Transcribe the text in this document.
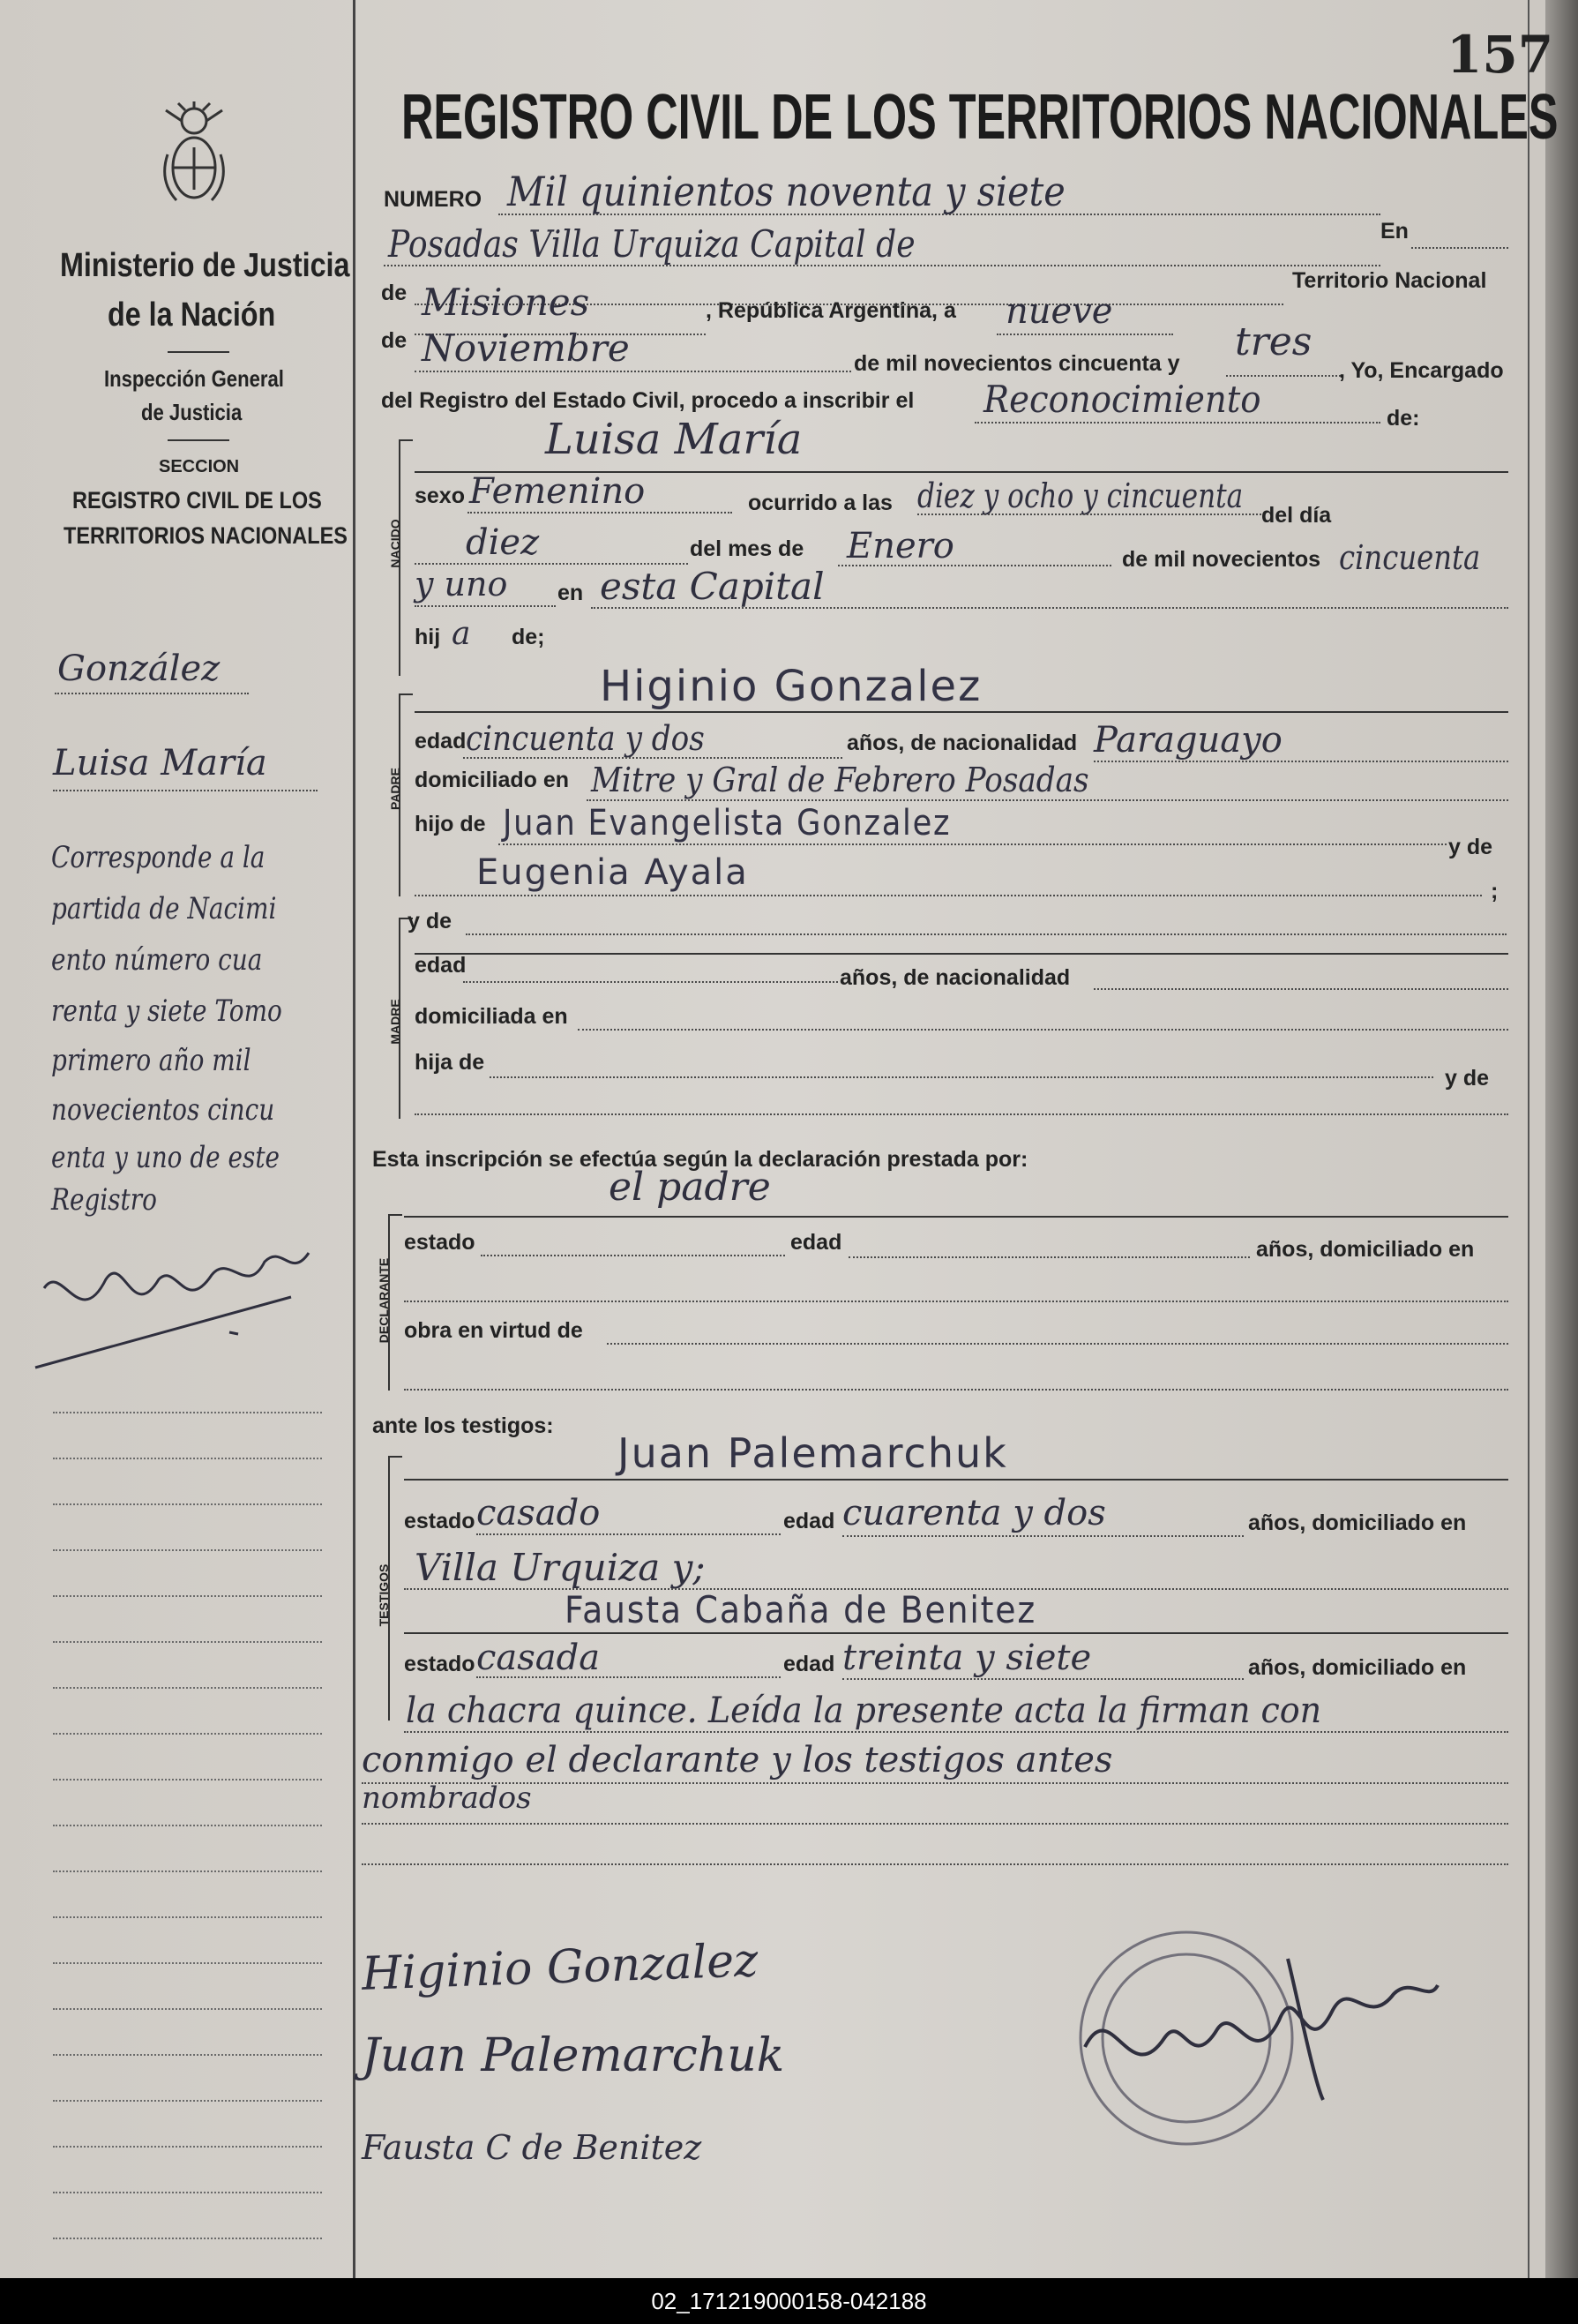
157
Ministerio de Justicia
de la Nación
Inspección General
de Justicia
SECCION
REGISTRO CIVIL DE LOS
TERRITORIOS NACIONALES
REGISTRO CIVIL DE LOS TERRITORIOS NACIONALES
González
Luisa María
Corresponde a la
partida de Nacimi
ento número cua
renta y siete Tomo
primero año mil
novecientos cincu
enta y uno de este
Registro
NUMERO Mil quinientos noventa y siete
Posadas Villa Urquiza Capital de	En
de	Territorio Nacional
Misiones	, República Argentina, a nueve
de Noviembre	de mil novecientos cincuenta y tres
, Yo, Encargado
del Registro del Estado Civil, procedo a inscribir el Reconocimiento	de:
NACIDO
Luisa María
sexo Femenino	ocurrido a las diez y ocho y cincuenta del día
diez	del mes de Enero	de mil novecientos cincuenta
y uno en esta Capital
hij a de;
PADRE
Higinio Gonzalez
edad cincuenta y dos	años, de nacionalidad Paraguayo
domiciliado en Mitre y Gral de Febrero Posadas
hijo de Juan Evangelista Gonzalez
y de
Eugenia Ayala	;
MADRE
y de
edad	años, de nacionalidad
domiciliada en
hija de
y de
Esta inscripción se efectúa según la declaración prestada por:
el padre
DECLARANTE
estado	edad	años, domiciliado en
obra en virtud de
ante los testigos:
TESTIGOS
Juan Palemarchuk
estado casado	edad cuarenta y dos	años, domiciliado en
Villa Urquiza y;
Fausta Cabaña de Benitez
estado casada	edad treinta y siete	años, domiciliado en
la chacra quince. Leída la presente acta la firman con
conmigo el declarante y los testigos antes
nombrados
Higinio Gonzalez
Juan Palemarchuk
Fausta C de Benitez
02_171219000158-042188
